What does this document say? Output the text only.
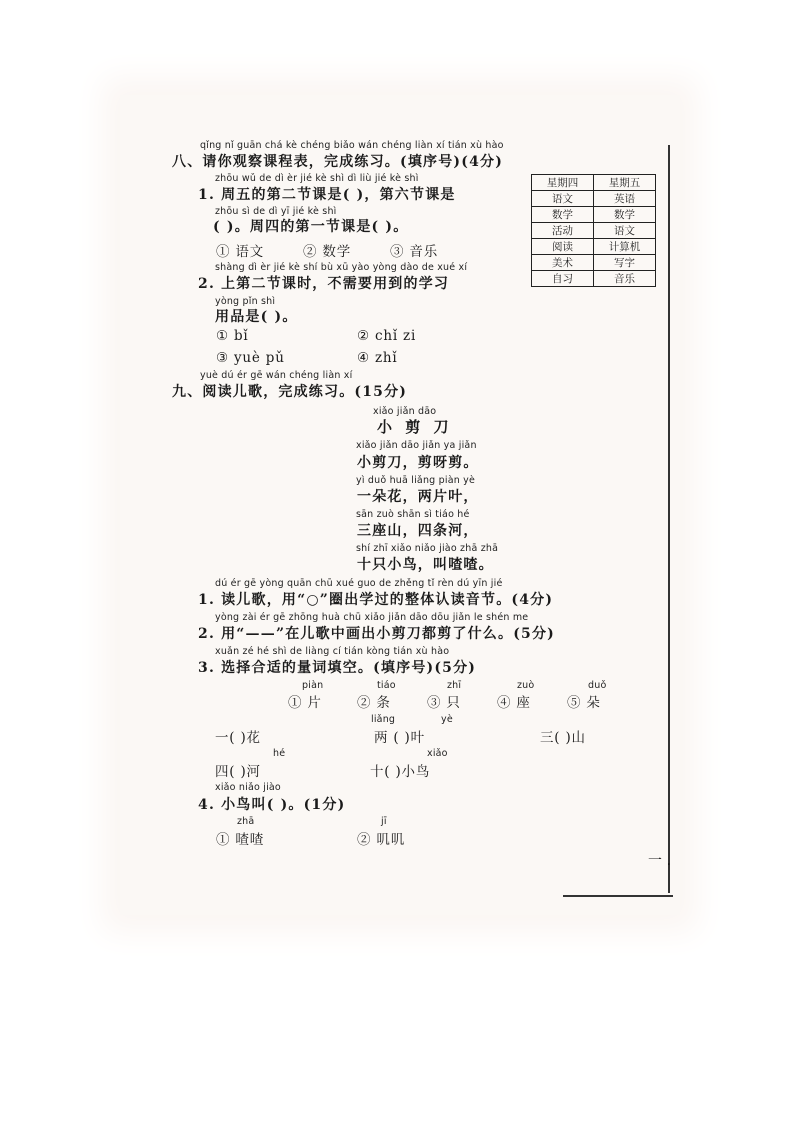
一 .
qǐng nǐ guān chá kè chéng biǎo wán chéng liàn xí tián xù hào
八、请你观察课程表，完成练习。(填序号)(4分)
zhōu wǔ de dì èr jié kè shì dì liù jié kè shì
1. 周五的第二节课是( )，第六节课是
zhōu sì de dì yī jié kè shì
( )。周四的第一节课是( )。
① 语文	② 数学	③ 音乐
shàng dì èr jié kè shí bù xū yào yòng dào de xué xí
2. 上第二节课时，不需要用到的学习
yòng pǐn shì
用品是( )。
① bǐ	② chǐ zi
③ yuè pǔ	④ zhǐ
星期四	星期五
语文	英语
数学	数学
活动	语文
阅读	计算机
美术	写字
自习	音乐
yuè dú ér gē wán chéng liàn xí
九、阅读儿歌，完成练习。(15分)
xiǎo jiǎn dāo
小 剪 刀
xiǎo jiǎn dāo jiǎn ya jiǎn
小剪刀，剪呀剪。
yì duǒ huā liǎng piàn yè
一朵花，两片叶，
sān zuò shān sì tiáo hé
三座山，四条河，
shí zhī xiǎo niǎo jiào zhā zhā
十只小鸟，叫喳喳。
dú ér gē yòng quān chū xué guo de zhěng tǐ rèn dú yīn jié
1. 读儿歌，用“○”圈出学过的整体认读音节。(4分)
yòng zài ér gē zhōng huà chū xiǎo jiǎn dāo dōu jiǎn le shén me
2. 用“——”在儿歌中画出小剪刀都剪了什么。(5分)
xuǎn zé hé shì de liàng cí tián kòng tián xù hào
3. 选择合适的量词填空。(填序号)(5分)
piàn	tiáo	zhī	zuò	duǒ
① 片	② 条	③ 只	④ 座	⑤ 朵
liǎng	yè
一( )花	两 ( )叶	三( )山
hé	xiǎo
四( )河	十( )小鸟
xiǎo niǎo jiào
4. 小鸟叫( )。(1分)
zhā	jī
① 喳喳	② 叽叽
